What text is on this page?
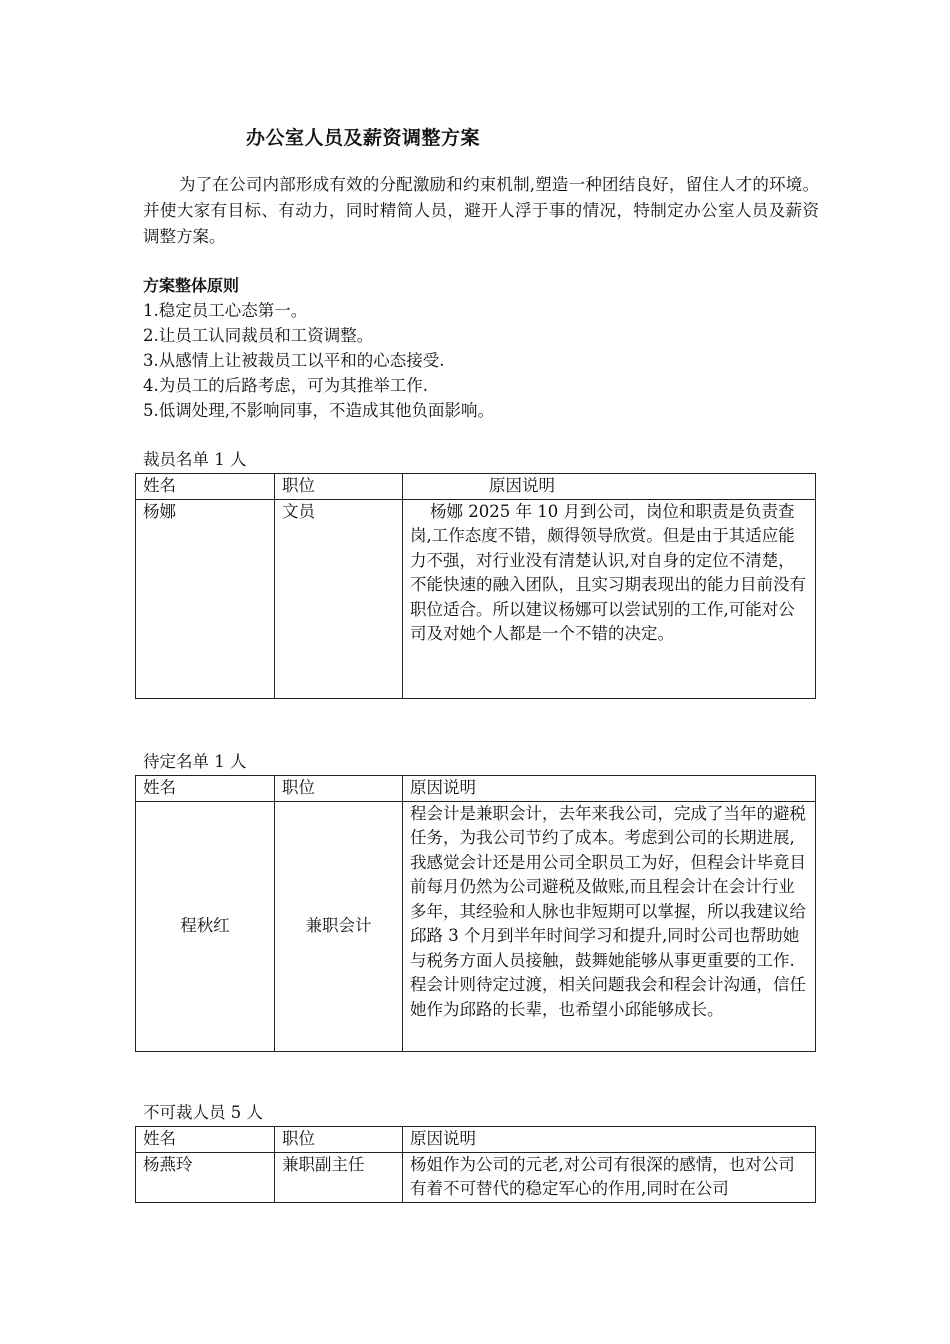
办公室人员及薪资调整方案
为了在公司内部形成有效的分配激励和约束机制,塑造一种团结良好，留住人才的环境。并使大家有目标、有动力，同时精简人员，避开人浮于事的情况，特制定办公室人员及薪资调整方案。
方案整体原则
1.稳定员工心态第一。
2.让员工认同裁员和工资调整。
3.从感情上让被裁员工以平和的心态接受.
4.为员工的后路考虑，可为其推举工作.
5.低调处理,不影响同事，不造成其他负面影响。
裁员名单 1 人
姓名	职位	原因说明
杨娜	文员	杨娜 2025 年 10 月到公司，岗位和职责是负责查岗,工作态度不错，颇得领导欣赏。但是由于其适应能力不强，对行业没有清楚认识,对自身的定位不清楚，不能快速的融入团队，且实习期表现出的能力目前没有职位适合。所以建议杨娜可以尝试别的工作,可能对公司及对她个人都是一个不错的决定。
待定名单 1 人
姓名	职位	原因说明
程秋红	兼职会计	程会计是兼职会计，去年来我公司，完成了当年的避税任务，为我公司节约了成本。考虑到公司的长期进展,我感觉会计还是用公司全职员工为好，但程会计毕竟目前每月仍然为公司避税及做账,而且程会计在会计行业多年，其经验和人脉也非短期可以掌握，所以我建议给邱路 3 个月到半年时间学习和提升,同时公司也帮助她与税务方面人员接触，鼓舞她能够从事更重要的工作.程会计则待定过渡，相关问题我会和程会计沟通，信任她作为邱路的长辈，也希望小邱能够成长。
不可裁人员 5 人
姓名	职位	原因说明
杨燕玲	兼职副主任	杨姐作为公司的元老,对公司有很深的感情，也对公司有着不可替代的稳定军心的作用,同时在公司
